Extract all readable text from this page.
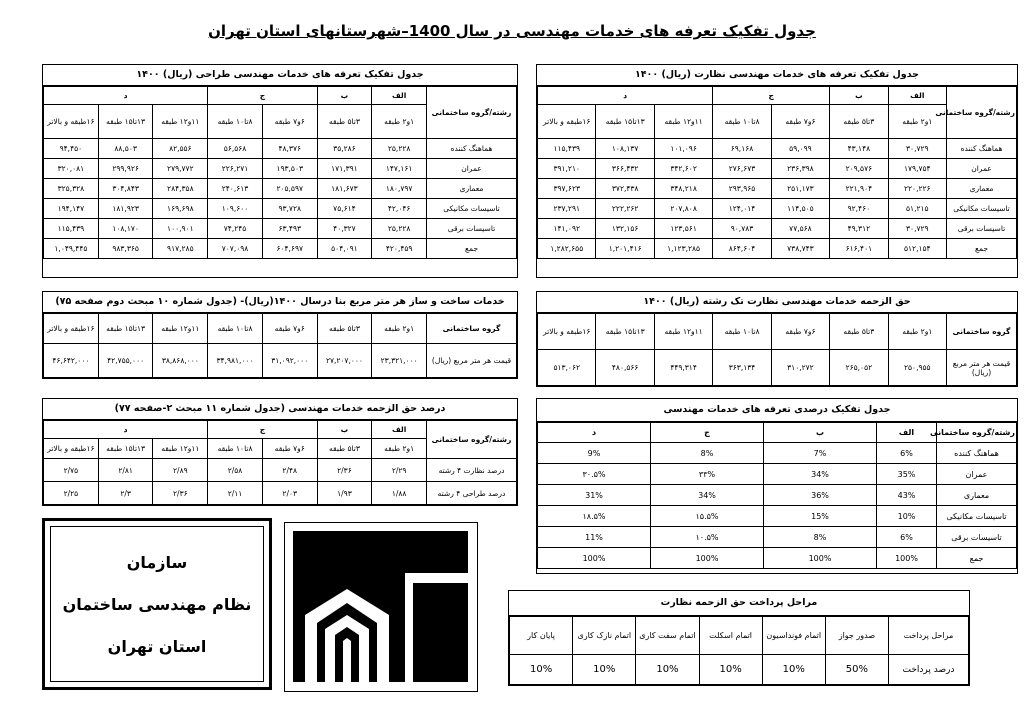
جدول تفکیک تعرفه های خدمات مهندسی در سال 1400–شهرستانهای استان تهران
جدول تفکیک تعرفه های خدمات مهندسی نظارت (ریال) ۱۴۰۰
رشته/گروه ساختمانی	الف	ب	ج		د		
	۱و۲ طبقه	۳تا۵ طبقه	۶و۷ طبقه	۸تا۱۰ طبقه	۱۱و۱۲ طبقه	۱۳تا۱۵ طبقه	۱۶طبقه و بالاتر
هماهنگ کننده	۳۰,۷۲۹	۴۳,۱۴۸	۵۹,۰۹۹	۶۹,۱۶۸	۱۰۱,۰۹۶	۱۰۸,۱۳۷	۱۱۵,۴۳۹
عمران	۱۷۹,۷۵۴	۲۰۹,۵۷۶	۲۳۶,۳۹۸	۲۷۶,۶۷۳	۳۴۲,۶۰۲	۳۶۶,۴۳۲	۳۹۱,۲۱۰
معماری	۲۲۰,۲۲۶	۲۲۱,۹۰۴	۲۵۱,۱۷۳	۲۹۳,۹۶۵	۳۴۸,۲۱۸	۳۷۲,۴۳۸	۳۹۷,۶۲۳
تاسیسات مکانیکی	۵۱,۲۱۵	۹۲,۴۶۰	۱۱۴,۵۰۵	۱۲۴,۰۱۴	۲۰۷,۸۰۸	۲۲۲,۲۶۲	۲۳۷,۲۹۱
تاسیسات برقی	۳۰,۷۲۹	۴۹,۳۱۲	۷۷,۵۶۸	۹۰,۷۸۳	۱۲۳,۵۶۱	۱۳۲,۱۵۶	۱۴۱,۰۹۲
جمع	۵۱۲,۱۵۴	۶۱۶,۴۰۱	۷۳۸,۷۴۳	۸۶۴,۶۰۴	۱,۱۲۳,۲۸۵	۱,۲۰۱,۴۱۶	۱,۲۸۲,۶۵۵
جدول تفکیک تعرفه های خدمات مهندسی طراحی (ریال) ۱۴۰۰
رشته/گروه ساختمانی	الف	ب	ج		د		
	۱و۲ طبقه	۳تا۵ طبقه	۶و۷ طبقه	۸تا۱۰ طبقه	۱۱و۱۲ طبقه	۱۳تا۱۵ طبقه	۱۶طبقه و بالاتر
هماهنگ کننده	۲۵,۲۲۸	۳۵,۲۸۶	۴۸,۳۷۶	۵۶,۵۶۸	۸۲,۵۵۶	۸۸,۵۰۳	۹۴,۴۵۰
عمران	۱۴۷,۱۶۱	۱۷۱,۳۹۱	۱۹۳,۵۰۳	۲۲۶,۲۷۱	۲۷۹,۷۷۲	۲۹۹,۹۲۶	۳۲۰,۰۸۱
معماری	۱۸۰,۷۹۷	۱۸۱,۶۷۳	۲۰۵,۵۹۷	۲۴۰,۶۱۳	۲۸۴,۳۵۸	۳۰۴,۸۴۳	۳۲۵,۳۲۸
تاسیسات مکانیکی	۴۲,۰۴۶	۷۵,۶۱۴	۹۳,۷۲۸	۱۰۹,۶۰۰	۱۶۹,۶۹۸	۱۸۱,۹۲۳	۱۹۴,۱۴۷
تاسیسات برقی	۲۵,۲۲۸	۴۰,۳۲۷	۶۳,۴۹۳	۷۴,۲۴۵	۱۰۰,۹۰۱	۱۰۸,۱۷۰	۱۱۵,۴۳۹
جمع	۴۲۰,۴۵۹	۵۰۴,۰۹۱	۶۰۴,۶۹۷	۷۰۷,۰۹۸	۹۱۷,۲۸۵	۹۸۳,۳۶۵	۱,۰۴۹,۴۴۵
حق الزحمه خدمات مهندسی نظارت تک رشته (ریال) ۱۴۰۰
گروه ساختمانی	۱و۲ طبقه	۳تا۵ طبقه	۶و۷ طبقه	۸تا۱۰ طبقه	۱۱و۱۲ طبقه	۱۳تا۱۵ طبقه	۱۶طبقه و بالاتر
قیمت هر متر مربع (ریال)	۲۵۰,۹۵۵	۲۶۵,۰۵۲	۳۱۰,۲۷۲	۳۶۳,۱۳۴	۴۴۹,۳۱۴	۴۸۰,۵۶۶	۵۱۳,۰۶۲
خدمات ساخت و ساز هر متر مربع بنا درسال ۱۴۰۰(ریال)- (جدول شماره ۱۰ مبحث دوم صفحه ۷۵)
گروه ساختمانی	۱و۲ طبقه	۳تا۵ طبقه	۶و۷ طبقه	۸تا۱۰ طبقه	۱۱و۱۲ طبقه	۱۳تا۱۵ طبقه	۱۶طبقه و بالاتر
قیمت هر متر مربع (ریال)	۲۳,۳۲۱,۰۰۰	۲۷,۲۰۷,۰۰۰	۳۱,۰۹۲,۰۰۰	۳۴,۹۸۱,۰۰۰	۳۸,۸۶۸,۰۰۰	۴۲,۷۵۵,۰۰۰	۴۶,۶۴۲,۰۰۰
جدول تفکیک درصدی تعرفه های خدمات مهندسی
رشته/گروه ساختمانی	الف	ب	ج	د
هماهنگ کننده	6%	7%	8%	9%
عمران	35%	34%	۳۳%	۳۰.۵%
معماری	43%	36%	34%	31%
تاسیسات مکانیکی	10%	15%	۱۵.۵%	۱۸.۵%
تاسیسات برقی	6%	8%	۱۰.۵%	11%
جمع	100%	100%	100%	100%
درصد حق الزحمه خدمات مهندسی (جدول شماره ۱۱ مبحث ۲-صفحه ۷۷)
رشته/گروه ساختمانی	الف	ب	ج		د		
	۱و۲ طبقه	۳تا۵ طبقه	۶و۷ طبقه	۸تا۱۰ طبقه	۱۱و۱۲ طبقه	۱۳تا۱۵ طبقه	۱۶طبقه و بالاتر
درصد نظارت ۴ رشته	۲/۲۹	۲/۳۶	۲/۴۸	۲/۵۸	۲/۸۹	۲/۸۱	۲/۷۵
درصد طراحی ۴ رشته	۱/۸۸	۱/۹۳	۲/۰۳	۲/۱۱	۲/۳۶	۲/۳	۲/۲۵
سازمان
نظام مهندسی ساختمان
استان تهران
مراحل پرداخت حق الزحمه نظارت
مراحل پرداخت	صدور جواز	اتمام فونداسیون	اتمام اسکلت	اتمام سفت کاری	اتمام نازک کاری	پایان کار
درصد پرداخت	50%	10%	10%	10%	10%	10%
